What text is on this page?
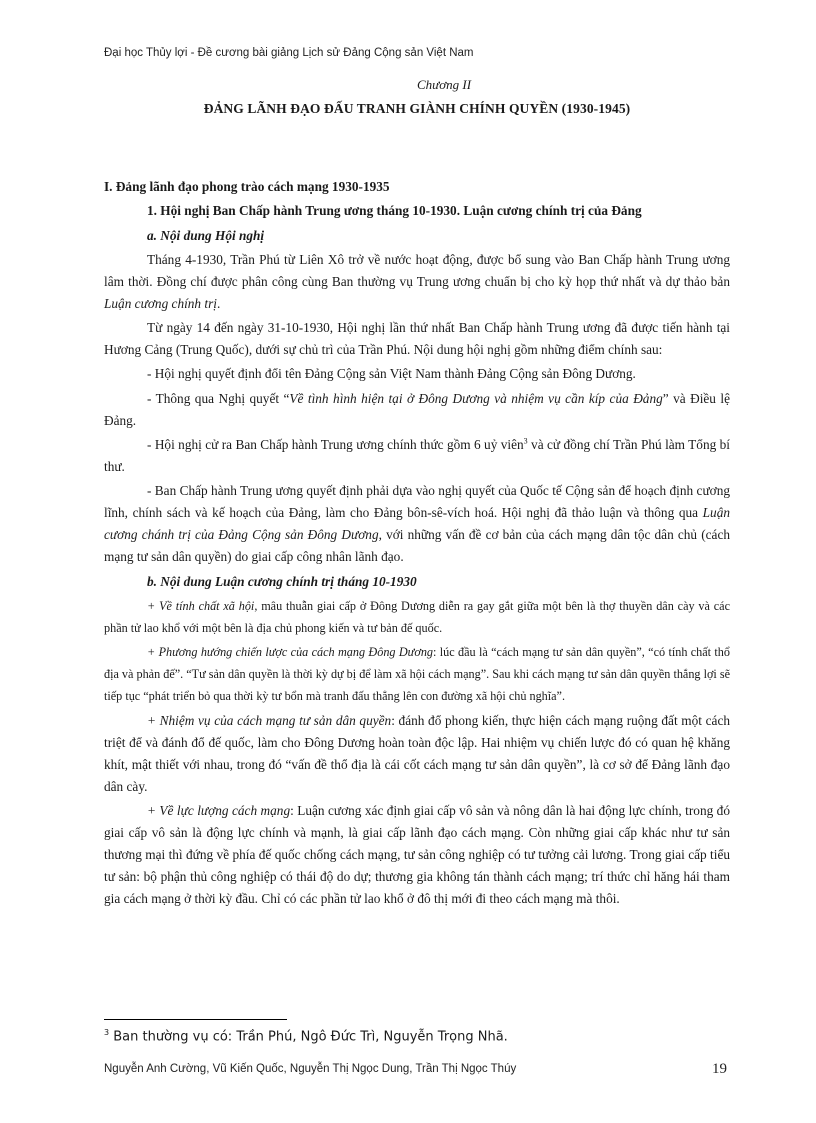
Đại học Thủy lợi - Đề cương bài giảng Lịch sử Đảng Cộng sản Việt Nam
Chương II
ĐẢNG LÃNH ĐẠO ĐẤU TRANH GIÀNH CHÍNH QUYỀN (1930-1945)

I. Đảng lãnh đạo phong trào cách mạng 1930-1935

1. Hội nghị Ban Chấp hành Trung ương tháng 10-1930. Luận cương chính trị của Đảng

a. Nội dung Hội nghị

Tháng 4-1930, Trần Phú từ Liên Xô trở về nước hoạt động, được bổ sung vào Ban Chấp hành Trung ương lâm thời. Đồng chí được phân công cùng Ban thường vụ Trung ương chuẩn bị cho kỳ họp thứ nhất và dự thảo bản Luận cương chính trị.

Từ ngày 14 đến ngày 31-10-1930, Hội nghị lần thứ nhất Ban Chấp hành Trung ương đã được tiến hành tại Hương Cảng (Trung Quốc), dưới sự chủ trì của Trần Phú. Nội dung hội nghị gồm những điểm chính sau:

- Hội nghị quyết định đổi tên Đảng Cộng sản Việt Nam thành Đảng Cộng sản Đông Dương.

- Thông qua Nghị quyết “Về tình hình hiện tại ở Đông Dương và nhiệm vụ cần kíp của Đảng” và Điều lệ Đảng.

- Hội nghị cử ra Ban Chấp hành Trung ương chính thức gồm 6 uỷ viên$^3$ và cử đồng chí Trần Phú làm Tổng bí thư.

- Ban Chấp hành Trung ương quyết định phải dựa vào nghị quyết của Quốc tế Cộng sản để hoạch định cương lĩnh, chính sách và kế hoạch của Đảng, làm cho Đảng bôn-sê-vích hoá. Hội nghị đã thảo luận và thông qua Luận cương chánh trị của Đảng Cộng sản Đông Dương, với những vấn đề cơ bản của cách mạng dân tộc dân chủ (cách mạng tư sản dân quyền) do giai cấp công nhân lãnh đạo.

b. Nội dung Luận cương chính trị tháng 10-1930

+ Về tính chất xã hội, mâu thuẫn giai cấp ở Đông Dương diễn ra gay gắt giữa một bên là thợ thuyền dân cày và các phần tử lao khổ với một bên là địa chủ phong kiến và tư bản đế quốc.

+ Phương hướng chiến lược của cách mạng Đông Dương: lúc đầu là “cách mạng tư sản dân quyền”, “có tính chất thổ địa và phản đế”. “Tư sản dân quyền là thời kỳ dự bị để làm xã hội cách mạng”. Sau khi cách mạng tư sản dân quyền thắng lợi sẽ tiếp tục “phát triển bỏ qua thời kỳ tư bổn mà tranh đấu thẳng lên con đường xã hội chủ nghĩa”.

+ Nhiệm vụ của cách mạng tư sản dân quyền: đánh đổ phong kiến, thực hiện cách mạng ruộng đất một cách triệt để và đánh đổ đế quốc, làm cho Đông Dương hoàn toàn độc lập. Hai nhiệm vụ chiến lược đó có quan hệ khăng khít, mật thiết với nhau, trong đó “vấn đề thổ địa là cái cốt cách mạng tư sản dân quyền”, là cơ sở để Đảng lãnh đạo dân cày.

+ Về lực lượng cách mạng: Luận cương xác định giai cấp vô sản và nông dân là hai động lực chính, trong đó giai cấp vô sản là động lực chính và mạnh, là giai cấp lãnh đạo cách mạng. Còn những giai cấp khác như tư sản thương mại thì đứng về phía đế quốc chống cách mạng, tư sản công nghiệp có tư tưởng cải lương. Trong giai cấp tiểu tư sản: bộ phận thủ công nghiệp có thái độ do dự; thương gia không tán thành cách mạng; trí thức chỉ hăng hái tham gia cách mạng ở thời kỳ đầu. Chỉ có các phần tử lao khổ ở đô thị mới đi theo cách mạng mà thôi.

$^3$ Ban thường vụ có: Trần Phú, Ngô Đức Trì, Nguyễn Trọng Nhã.
Nguyễn Anh Cường, Vũ Kiến Quốc, Nguyễn Thị Ngọc Dung, Trần Thị Ngọc Thúy	19
